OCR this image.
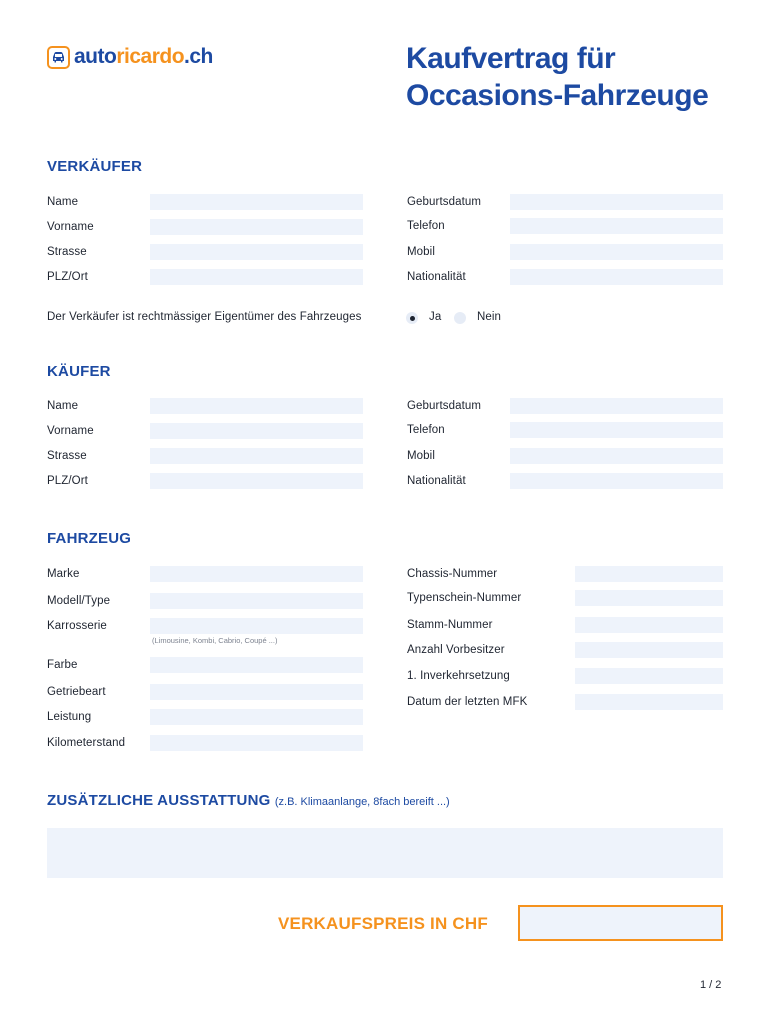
autoricardo.ch	Kaufvertrag für
Occasions-Fahrzeuge
VERKÄUFER
Name
Vorname
Strasse
PLZ/Ort
Geburtsdatum
Telefon
Mobil
Nationalität
Der Verkäufer ist rechtmässiger Eigentümer des Fahrzeuges	Ja	Nein
KÄUFER
Name
Vorname
Strasse
PLZ/Ort
Geburtsdatum
Telefon
Mobil
Nationalität
FAHRZEUG
Marke
Modell/Type
Karrosserie
(Limousine, Kombi, Cabrio, Coupé ...)
Farbe
Getriebeart
Leistung
Kilometerstand
Chassis-Nummer
Typenschein-Nummer
Stamm-Nummer
Anzahl Vorbesitzer
1. Inverkehrsetzung
Datum der letzten MFK
ZUSÄTZLICHE AUSSTATTUNG (z.B. Klimaanlange, 8fach bereift ...)
VERKAUFSPREIS IN CHF
1 / 2
